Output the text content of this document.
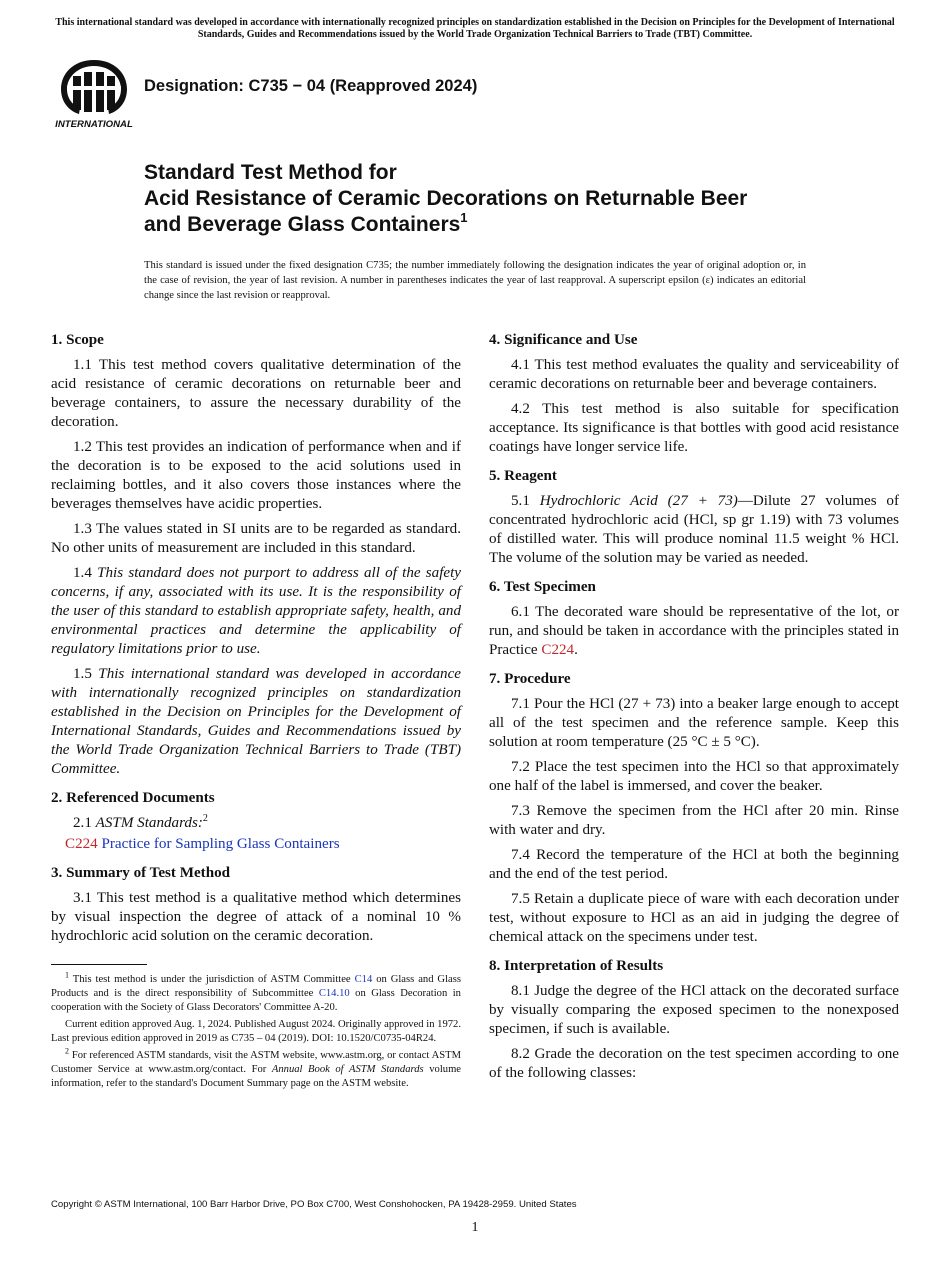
This international standard was developed in accordance with internationally recognized principles on standardization established in the Decision on Principles for the Development of International Standards, Guides and Recommendations issued by the World Trade Organization Technical Barriers to Trade (TBT) Committee.
INTERNATIONAL
Designation: C735 − 04 (Reapproved 2024)
Standard Test Method for
Acid Resistance of Ceramic Decorations on Returnable Beer
and Beverage Glass Containers$^1$
This standard is issued under the fixed designation C735; the number immediately following the designation indicates the year of original adoption or, in the case of revision, the year of last revision. A number in parentheses indicates the year of last reapproval. A superscript epsilon (ε) indicates an editorial change since the last revision or reapproval.
1. Scope

1.1 This test method covers qualitative determination of the acid resistance of ceramic decorations on returnable beer and beverage containers, to assure the necessary durability of the decoration.

1.2 This test provides an indication of performance when and if the decoration is to be exposed to the acid solutions used in reclaiming bottles, and it also covers those instances where the beverages themselves have acidic properties.

1.3 The values stated in SI units are to be regarded as standard. No other units of measurement are included in this standard.

1.4 This standard does not purport to address all of the safety concerns, if any, associated with its use. It is the responsibility of the user of this standard to establish appropriate safety, health, and environmental practices and determine the applicability of regulatory limitations prior to use.

1.5 This international standard was developed in accordance with internationally recognized principles on standardization established in the Decision on Principles for the Development of International Standards, Guides and Recommendations issued by the World Trade Organization Technical Barriers to Trade (TBT) Committee.

2. Referenced Documents

2.1 ASTM Standards:$^2$

C224 Practice for Sampling Glass Containers
3. Summary of Test Method

3.1 This test method is a qualitative method which determines by visual inspection the degree of attack of a nominal 10 % hydrochloric acid solution on the ceramic decoration.

4. Significance and Use

4.1 This test method evaluates the quality and serviceability of ceramic decorations on returnable beer and beverage containers.

4.2 This test method is also suitable for specification acceptance. Its significance is that bottles with good acid resistance coatings have longer service life.

5. Reagent

5.1 Hydrochloric Acid (27 + 73)—Dilute 27 volumes of concentrated hydrochloric acid (HCl, sp gr 1.19) with 73 volumes of distilled water. This will produce nominal 11.5 weight % HCl. The volume of the solution may be varied as needed.

6. Test Specimen

6.1 The decorated ware should be representative of the lot, or run, and should be taken in accordance with the principles stated in Practice C224.

7. Procedure

7.1 Pour the HCl (27 + 73) into a beaker large enough to accept all of the test specimen and the reference sample. Keep this solution at room temperature (25 °C ± 5 °C).

7.2 Place the test specimen into the HCl so that approximately one half of the label is immersed, and cover the beaker.

7.3 Remove the specimen from the HCl after 20 min. Rinse with water and dry.

7.4 Record the temperature of the HCl at both the beginning and the end of the test period.

7.5 Retain a duplicate piece of ware with each decoration under test, without exposure to HCl as an aid in judging the degree of chemical attack on the specimens under test.

8. Interpretation of Results

8.1 Judge the degree of the HCl attack on the decorated surface by visually comparing the exposed specimen to the nonexposed specimen, if such is available.

8.2 Grade the decoration on the test specimen according to one of the following classes:

$^1$ This test method is under the jurisdiction of ASTM Committee C14 on Glass and Glass Products and is the direct responsibility of Subcommittee C14.10 on Glass Decoration in cooperation with the Society of Glass Decorators' Committee A-20.

Current edition approved Aug. 1, 2024. Published August 2024. Originally approved in 1972. Last previous edition approved in 2019 as C735 – 04 (2019). DOI: 10.1520/C0735-04R24.

$^2$ For referenced ASTM standards, visit the ASTM website, www.astm.org, or contact ASTM Customer Service at www.astm.org/contact. For Annual Book of ASTM Standards volume information, refer to the standard's Document Summary page on the ASTM website.

Copyright © ASTM International, 100 Barr Harbor Drive, PO Box C700, West Conshohocken, PA 19428-2959. United States
1
